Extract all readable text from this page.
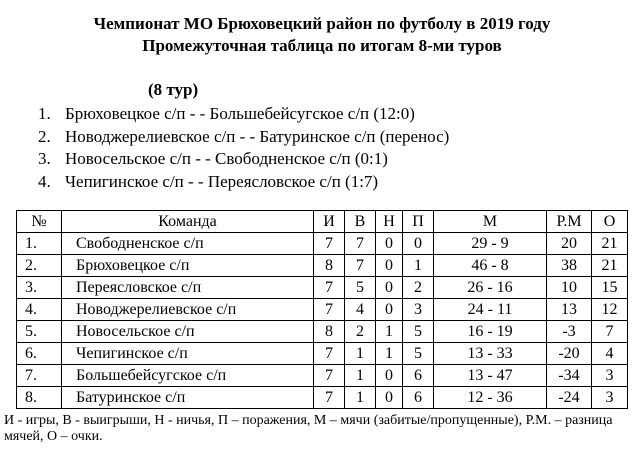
Чемпионат МО Брюховецкий район по футболу в 2019 году
Промежуточная таблица по итогам 8-ми туров
(8 тур)
1. Брюховецкое с/п - - Большебейсугское с/п (12:0)
2. Новоджерелиевское с/п - - Батуринское с/п (перенос)
3. Новосельское с/п - - Свободненское с/п (0:1)
4. Чепигинское с/п - - Переясловское с/п (1:7)
№	Команда	И	В	Н	П	М	Р.М	О
1.	Свободненское с/п	7	7	0	0	29 - 9	20	21
2.	Брюховецкое с/п	8	7	0	1	46 - 8	38	21
3.	Переясловское с/п	7	5	0	2	26 - 16	10	15
4.	Новоджерелиевское с/п	7	4	0	3	24 - 11	13	12
5.	Новосельское с/п	8	2	1	5	16 - 19	-3	7
6.	Чепигинское с/п	7	1	1	5	13 - 33	-20	4
7.	Большебейсугское с/п	7	1	0	6	13 - 47	-34	3
8.	Батуринское с/п	7	1	0	6	12 - 36	-24	3
И - игры, В - выигрыши, Н - ничья, П – поражения, М – мячи (забитые/пропущенные), Р.М. – разница мячей, О – очки.
